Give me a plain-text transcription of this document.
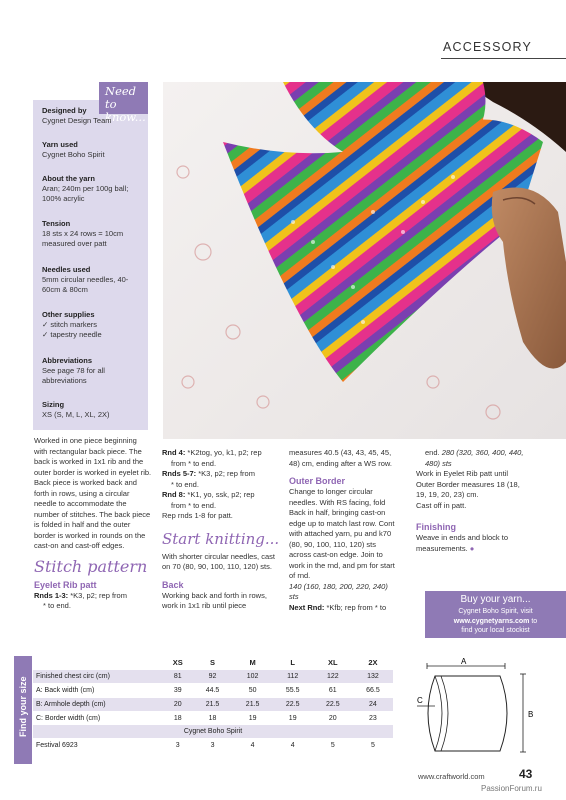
ACCESSORY
Need to know...
Designed by
Cygnet Design Team
Yarn used
Cygnet Boho Spirit
About the yarn
Aran; 240m per 100g ball; 100% acrylic
Tension
18 sts x 24 rows = 10cm measured over patt
Needles used
5mm circular needles, 40-60cm & 80cm
Other supplies
✓ stitch markers
✓ tapestry needle
Abbreviations
See page 78 for all abbreviations
Sizing
XS (S, M, L, XL, 2X)
Worked in one piece beginning with rectangular back piece. The back is worked in 1x1 rib and the outer border is worked in eyelet rib. Back piece is worked back and forth in rows, using a circular needle to accommodate the number of stitches. The back piece is folded in half and the outer border is worked in rounds on the cast-on and cast-off edges.
Stitch pattern
Eyelet Rib patt
Rnds 1-3: *K3, p2; rep from
* to end.
Rnd 4: *K2tog, yo, k1, p2; rep
from * to end.
Rnds 5-7: *K3, p2; rep from
* to end.
Rnd 8: *K1, yo, ssk, p2; rep
from * to end.
Rep rnds 1-8 for patt.
Start knitting...
With shorter circular needles, cast on 70 (80, 90, 100, 110, 120) sts.
Back
Working back and forth in rows, work in 1x1 rib until piece
measures 40.5 (43, 43, 45, 45, 48) cm, ending after a WS row.
Outer Border
Change to longer circular needles. With RS facing, fold Back in half, bringing cast-on edge up to match last row. Cont with attached yarn, pu and k70 (80, 90, 100, 110, 120) sts across cast-on edge. Join to work in the rnd, and pm for start of rnd.
140 (160, 180, 200, 220, 240) sts
Next Rnd: *Kfb; rep from * to
end. 280 (320, 360, 400, 440, 480) sts
Work in Eyelet Rib patt until Outer Border measures 18 (18, 19, 19, 20, 23) cm.
Cast off in patt.
Finishing
Weave in ends and block to measurements. ●
Buy your yarn...
Cygnet Boho Spirit, visit
www.cygnetyarns.com to
find your local stockist
Find your size
	XS	S	M	L	XL	2X
Finished chest circ (cm)	81	92	102	112	122	132
A: Back width (cm)	39	44.5	50	55.5	61	66.5
B: Armhole depth (cm)	20	21.5	21.5	22.5	22.5	24
C: Border width (cm)	18	18	19	19	20	23
Cygnet Boho Spirit						
Festival 6923	3	3	4	4	5	5
A
B
C
www.craftworld.com	43
PassionForum.ru
